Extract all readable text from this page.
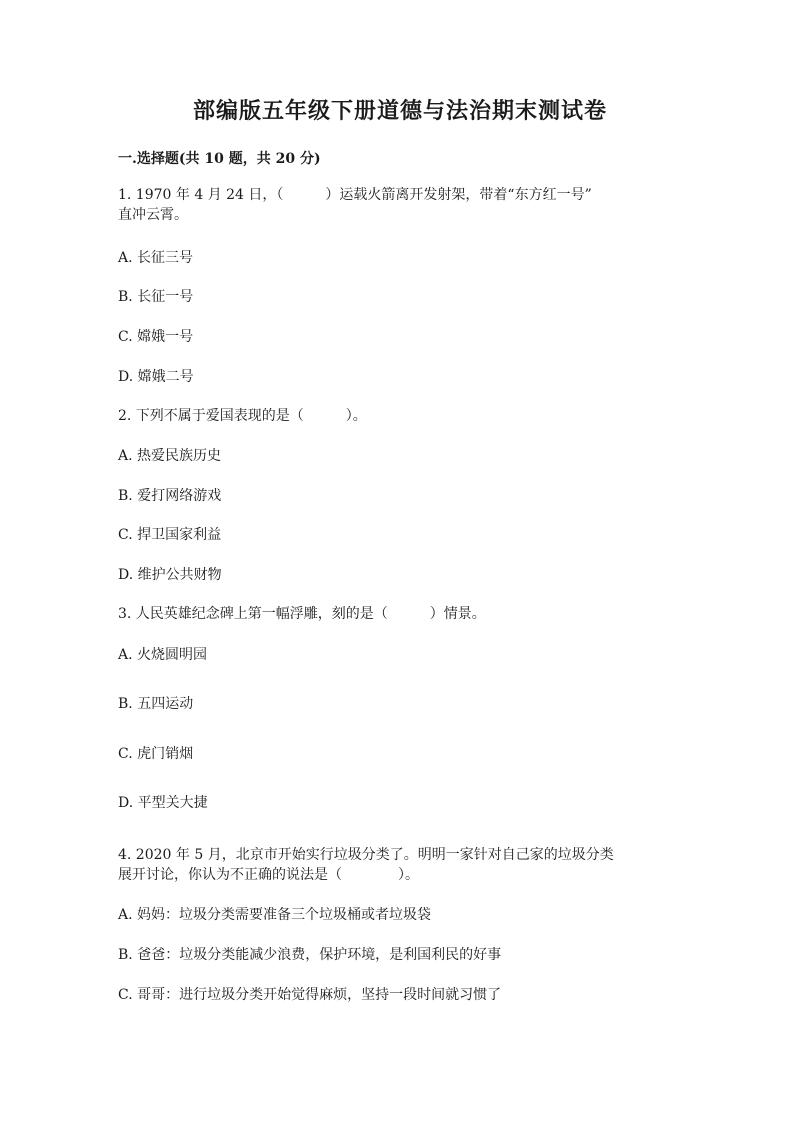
部编版五年级下册道德与法治期末测试卷
一.选择题(共 10 题，共 20 分)
1. 1970 年 4 月 24 日，（　　　）运载火箭离开发射架，带着“东方红一号”
直冲云霄。
A. 长征三号
B. 长征一号
C. 嫦娥一号
D. 嫦娥二号
2. 下列不属于爱国表现的是（　　　）。
A. 热爱民族历史
B. 爱打网络游戏
C. 捍卫国家利益
D. 维护公共财物
3. 人民英雄纪念碑上第一幅浮雕，刻的是（　　　）情景。
A. 火烧圆明园
B. 五四运动
C. 虎门销烟
D. 平型关大捷
4. 2020 年 5 月，北京市开始实行垃圾分类了。明明一家针对自己家的垃圾分类
展开讨论，你认为不正确的说法是（　　　　）。
A. 妈妈：垃圾分类需要准备三个垃圾桶或者垃圾袋
B. 爸爸：垃圾分类能减少浪费，保护环境，是利国利民的好事
C. 哥哥：进行垃圾分类开始觉得麻烦，坚持一段时间就习惯了
